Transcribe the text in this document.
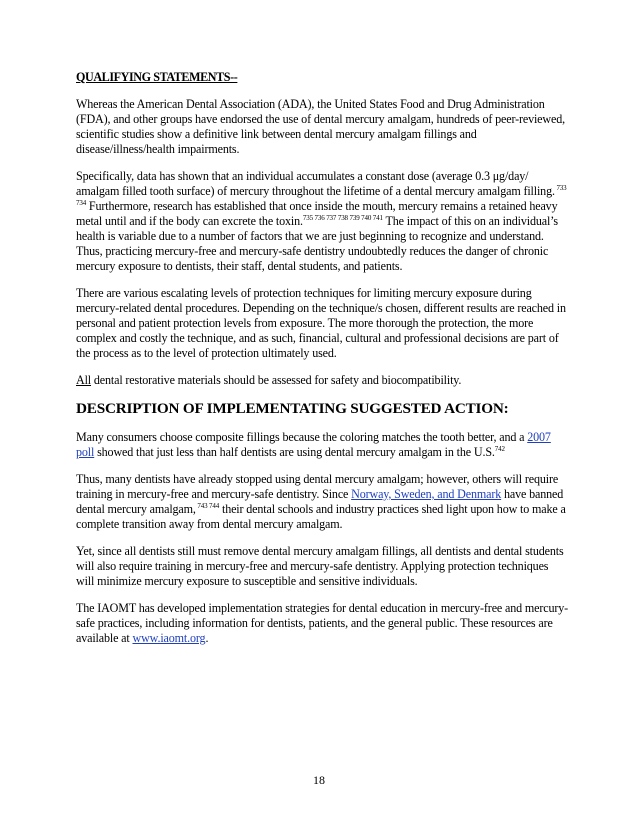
QUALIFYING STATEMENTS--

Whereas the American Dental Association (ADA), the United States Food and Drug Administration (FDA), and other groups have endorsed the use of dental mercury amalgam, hundreds of peer-reviewed, scientific studies show a definitive link between dental mercury amalgam fillings and disease/illness/health impairments.

Specifically, data has shown that an individual accumulates a constant dose (average 0.3 μg/day/ amalgam filled tooth surface) of mercury throughout the lifetime of a dental mercury amalgam filling. $^{733 734}$ Furthermore, research has established that once inside the mouth, mercury remains a retained heavy metal until and if the body can excrete the toxin.$^{735 736 737 738 739 740 741}$ The impact of this on an individual’s health is variable due to a number of factors that we are just beginning to recognize and understand. Thus, practicing mercury-free and mercury-safe dentistry undoubtedly reduces the danger of chronic mercury exposure to dentists, their staff, dental students, and patients.

There are various escalating levels of protection techniques for limiting mercury exposure during mercury-related dental procedures. Depending on the technique/s chosen, different results are reached in personal and patient protection levels from exposure. The more thorough the protection, the more complex and costly the technique, and as such, financial, cultural and professional decisions are part of the process as to the level of protection ultimately used.

All dental restorative materials should be assessed for safety and biocompatibility.

DESCRIPTION OF IMPLEMENTATING SUGGESTED ACTION:

Many consumers choose composite fillings because the coloring matches the tooth better, and a 2007 poll showed that just less than half dentists are using dental mercury amalgam in the U.S.$^{742}$

Thus, many dentists have already stopped using dental mercury amalgam; however, others will require training in mercury-free and mercury-safe dentistry. Since Norway, Sweden, and Denmark have banned dental mercury amalgam, $^{743 744}$ their dental schools and industry practices shed light upon how to make a complete transition away from dental mercury amalgam.

Yet, since all dentists still must remove dental mercury amalgam fillings, all dentists and dental students will also require training in mercury-free and mercury-safe dentistry. Applying protection techniques will minimize mercury exposure to susceptible and sensitive individuals.

The IAOMT has developed implementation strategies for dental education in mercury-free and mercury-safe practices, including information for dentists, patients, and the general public. These resources are available at www.iaomt.org.

18
